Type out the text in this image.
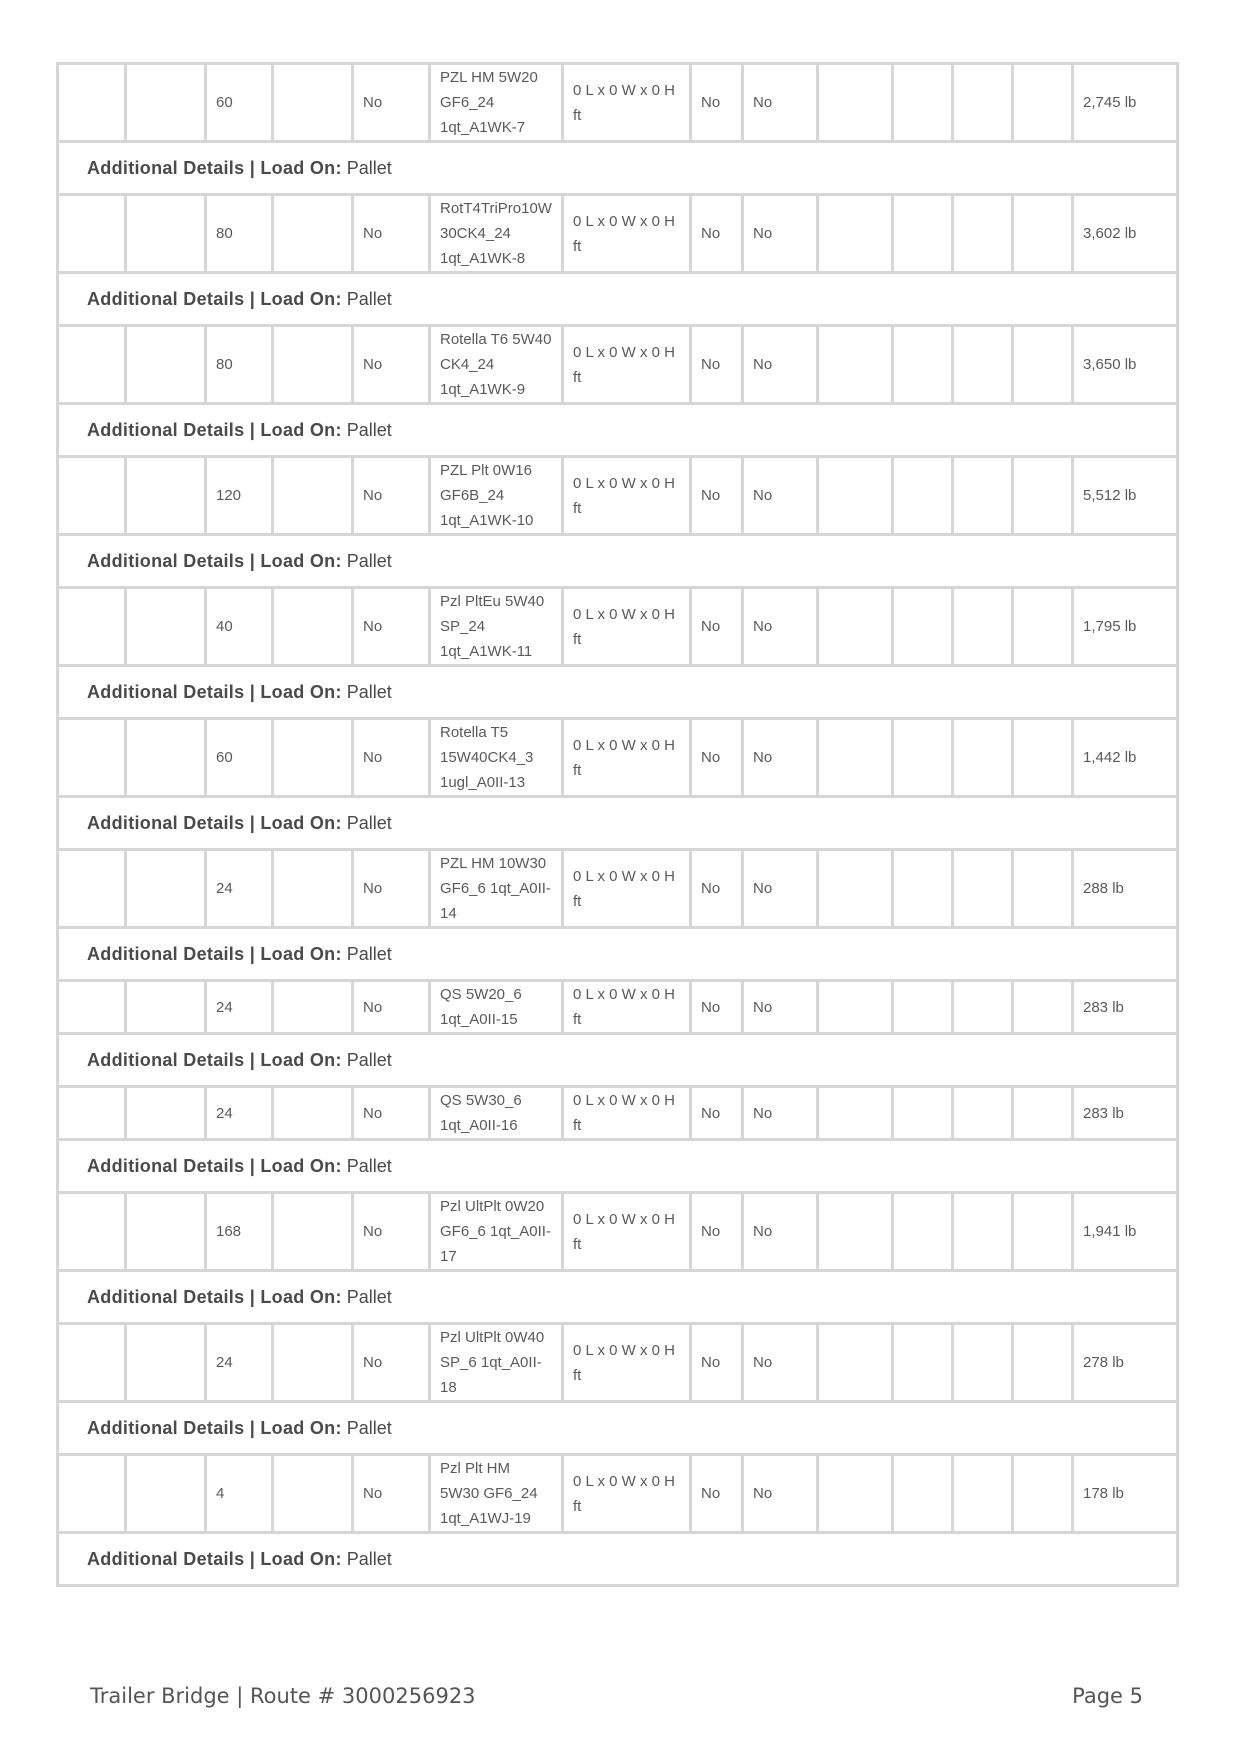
		60		No	PZL HM 5W20 GF6_24 1qt_A1WK-7	0 L x 0 W x 0 H ft	No	No					2,745 lb
Additional Details | Load On: Pallet													
		80		No	RotT4TriPro10W 30CK4_24 1qt_A1WK-8	0 L x 0 W x 0 H ft	No	No					3,602 lb
Additional Details | Load On: Pallet													
		80		No	Rotella T6 5W40 CK4_24 1qt_A1WK-9	0 L x 0 W x 0 H ft	No	No					3,650 lb
Additional Details | Load On: Pallet													
		120		No	PZL Plt 0W16 GF6B_24 1qt_A1WK-10	0 L x 0 W x 0 H ft	No	No					5,512 lb
Additional Details | Load On: Pallet													
		40		No	Pzl PltEu 5W40 SP_24 1qt_A1WK-11	0 L x 0 W x 0 H ft	No	No					1,795 lb
Additional Details | Load On: Pallet													
		60		No	Rotella T5 15W40CK4_3 1ugl_A0II-13	0 L x 0 W x 0 H ft	No	No					1,442 lb
Additional Details | Load On: Pallet													
		24		No	PZL HM 10W30 GF6_6 1qt_A0II-14	0 L x 0 W x 0 H ft	No	No					288 lb
Additional Details | Load On: Pallet													
		24		No	QS 5W20_6 1qt_A0II-15	0 L x 0 W x 0 H ft	No	No					283 lb
Additional Details | Load On: Pallet													
		24		No	QS 5W30_6 1qt_A0II-16	0 L x 0 W x 0 H ft	No	No					283 lb
Additional Details | Load On: Pallet													
		168		No	Pzl UltPlt 0W20 GF6_6 1qt_A0II-17	0 L x 0 W x 0 H ft	No	No					1,941 lb
Additional Details | Load On: Pallet													
		24		No	Pzl UltPlt 0W40 SP_6 1qt_A0II-18	0 L x 0 W x 0 H ft	No	No					278 lb
Additional Details | Load On: Pallet													
		4		No	Pzl Plt HM 5W30 GF6_24 1qt_A1WJ-19	0 L x 0 W x 0 H ft	No	No					178 lb
Additional Details | Load On: Pallet													
Trailer Bridge | Route # 3000256923	Page 5
